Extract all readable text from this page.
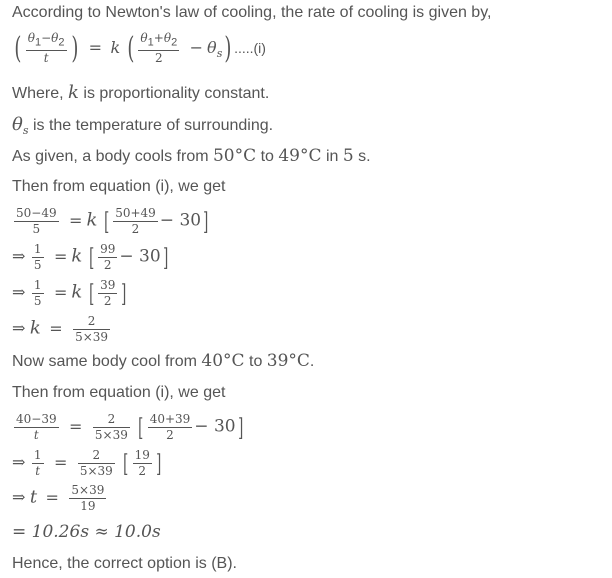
According to Newton's law of cooling, the rate of cooling is given by,
( $\frac{\theta_1-\theta_2}{t}$ ) = k ( $\frac{\theta_1+\theta_2}{2} - \theta_s$) .....(i)
Where, k is proportionality constant.
$\theta_s$ is the temperature of surrounding.
As given, a body cools from 50°C to 49°C in 5 s.
Then from equation (i), we get
$\frac{50-49}{5} = k$ [ $\frac{50+49}{2} - 30$]
⇒ $\frac{1}{5} = k$ [ $\frac{99}{2} - 30$]
⇒ $\frac{1}{5} = k$ [ $\frac{39}{2}$ ]
⇒ $k = \frac{2}{5\times 39}$
Now same body cool from 40°C to 39°C.
Then from equation (i), we get
$\frac{40-39}{t} = \frac{2}{5\times 39}$ [ $\frac{40+39}{2} - 30$]
⇒ $\frac{1}{t} = \frac{2}{5\times 39}$ [ $\frac{19}{2}$ ]
⇒ $t = \frac{5\times 39}{19}$
= 10.26s ≈ 10.0s
Hence, the correct option is (B).
